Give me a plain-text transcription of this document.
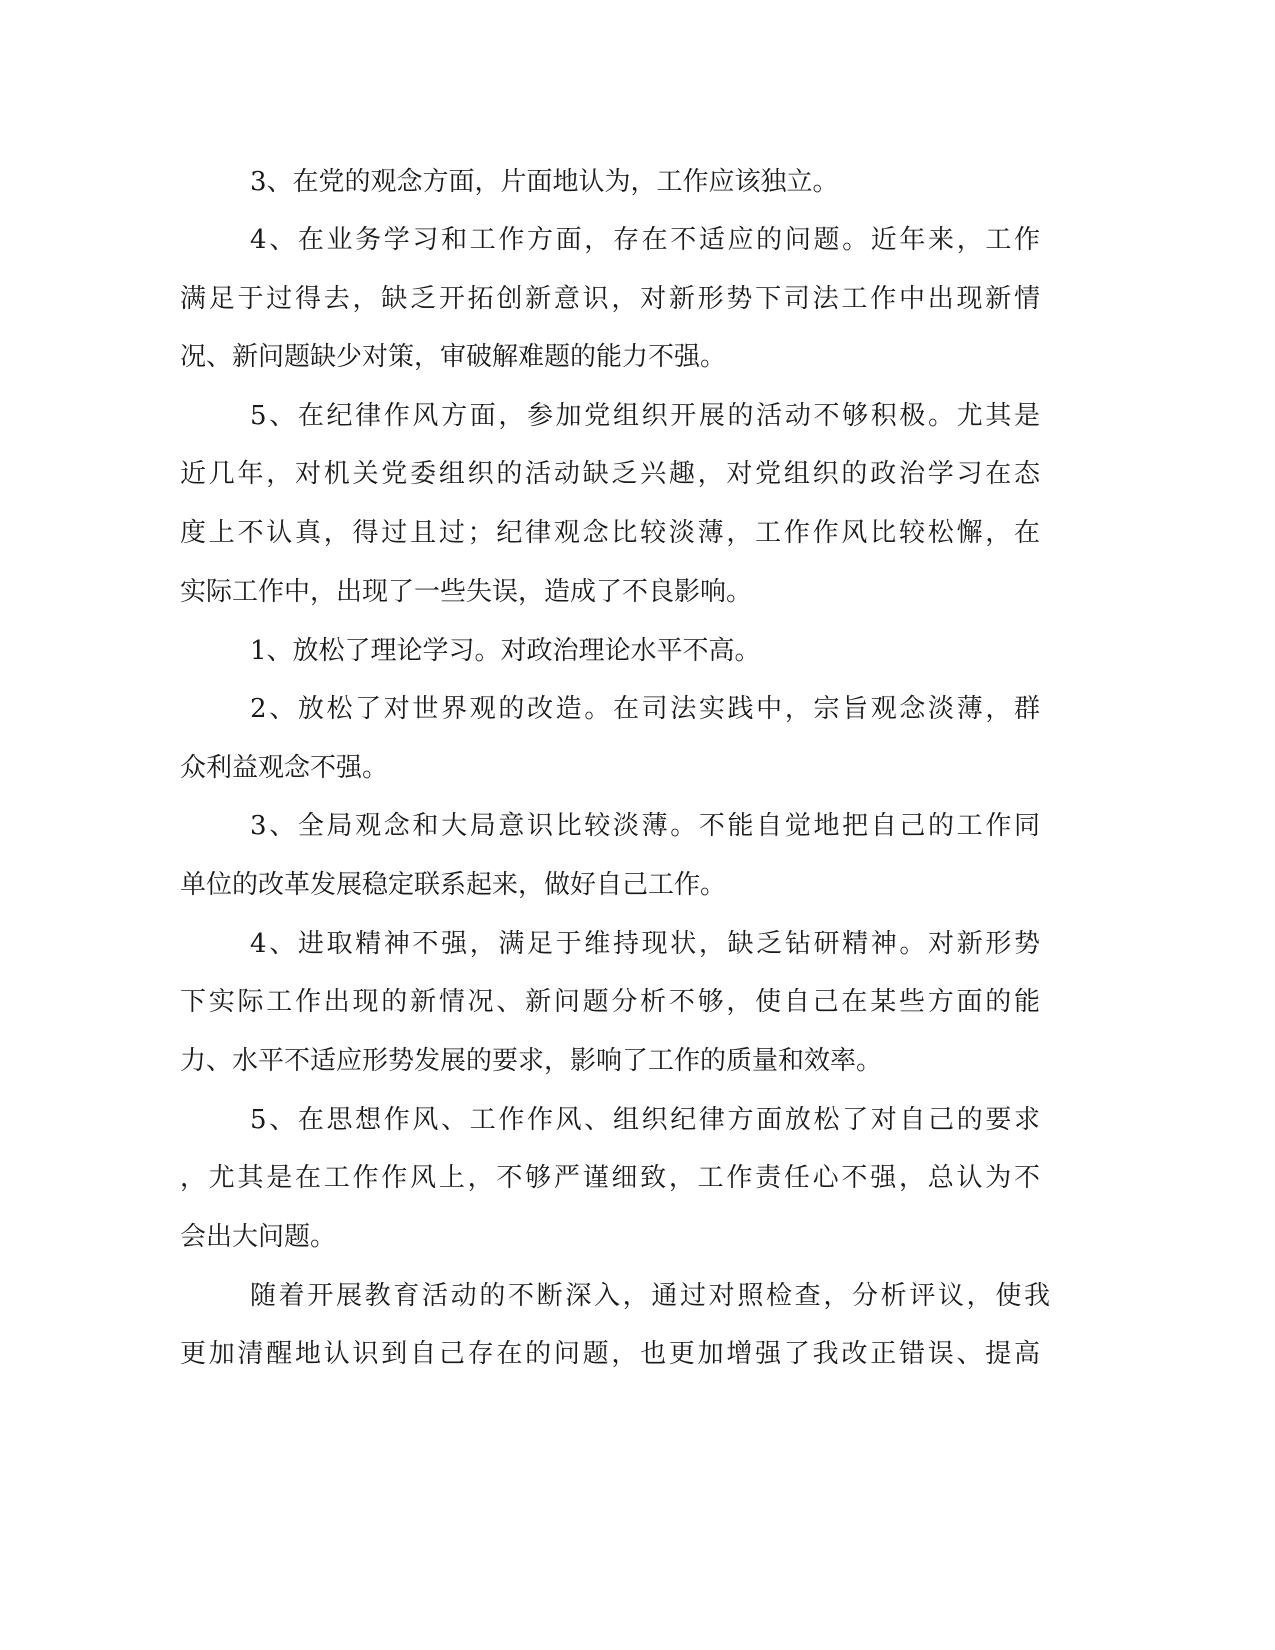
3、在党的观念方面，片面地认为，工作应该独立。
4、在业务学习和工作方面，存在不适应的问题。近年来，工作
满足于过得去，缺乏开拓创新意识，对新形势下司法工作中出现新情
况、新问题缺少对策，审破解难题的能力不强。
5、在纪律作风方面，参加党组织开展的活动不够积极。尤其是
近几年，对机关党委组织的活动缺乏兴趣，对党组织的政治学习在态
度上不认真，得过且过；纪律观念比较淡薄，工作作风比较松懈，在
实际工作中，出现了一些失误，造成了不良影响。
1、放松了理论学习。对政治理论水平不高。
2、放松了对世界观的改造。在司法实践中，宗旨观念淡薄，群
众利益观念不强。
3、全局观念和大局意识比较淡薄。不能自觉地把自己的工作同
单位的改革发展稳定联系起来，做好自己工作。
4、进取精神不强，满足于维持现状，缺乏钻研精神。对新形势
下实际工作出现的新情况、新问题分析不够，使自己在某些方面的能
力、水平不适应形势发展的要求，影响了工作的质量和效率。
5、在思想作风、工作作风、组织纪律方面放松了对自己的要求
，尤其是在工作作风上，不够严谨细致，工作责任心不强，总认为不
会出大问题。
随着开展教育活动的不断深入，通过对照检查，分析评议，使我
更加清醒地认识到自己存在的问题，也更加增强了我改正错误、提高
